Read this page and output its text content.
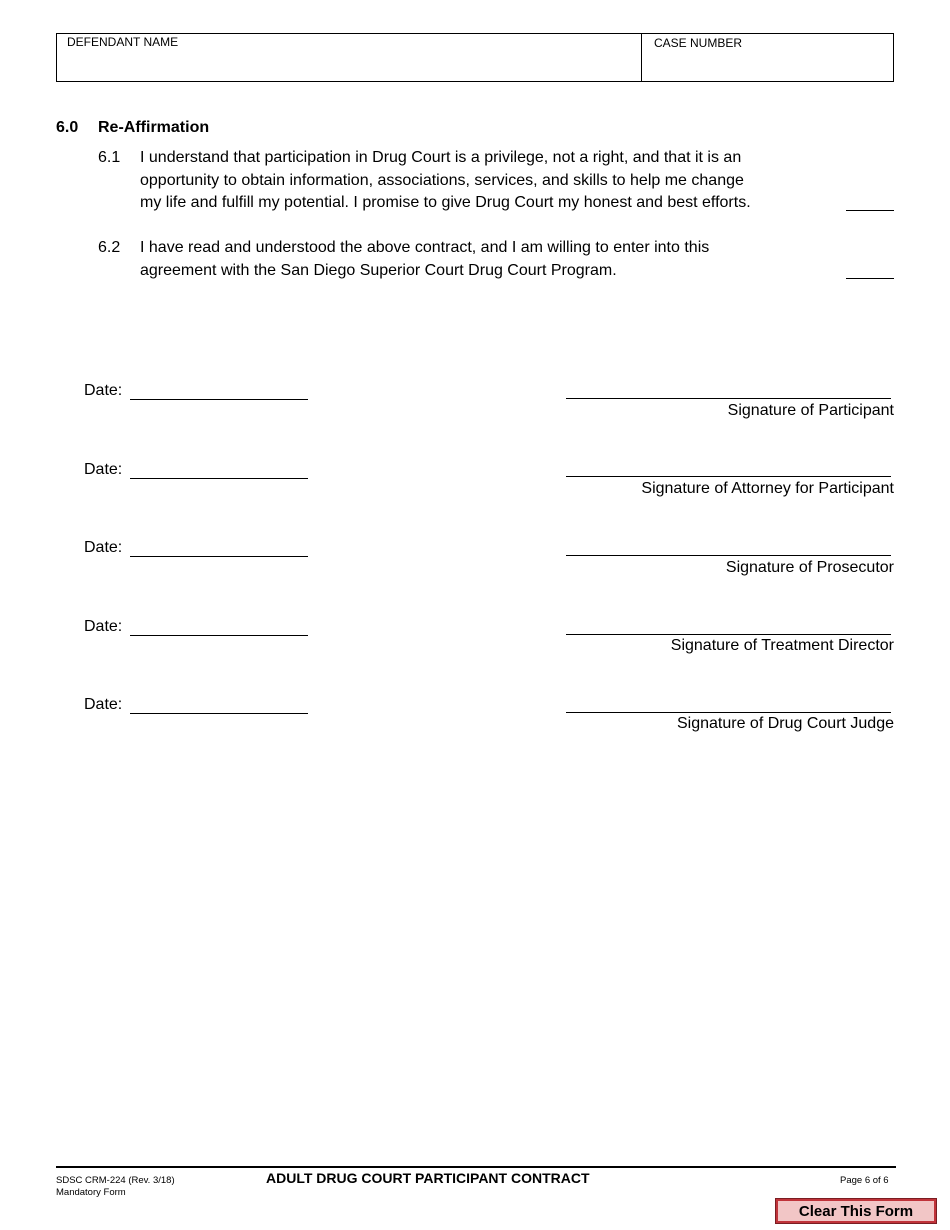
DEFENDANT NAME	CASE NUMBER
6.0 Re-Affirmation
6.1 I understand that participation in Drug Court is a privilege, not a right, and that it is an
opportunity to obtain information, associations, services, and skills to help me change
my life and fulfill my potential. I promise to give Drug Court my honest and best efforts.
6.2 I have read and understood the above contract, and I am willing to enter into this
agreement with the San Diego Superior Court Drug Court Program.
Date:
Signature of Participant
Date:
Signature of Attorney for Participant
Date:
Signature of Prosecutor
Date:
Signature of Treatment Director
Date:
Signature of Drug Court Judge
SDSC CRM-224 (Rev. 3/18)
Mandatory Form
ADULT DRUG COURT PARTICIPANT CONTRACT	Page 6 of 6
Clear This Form
